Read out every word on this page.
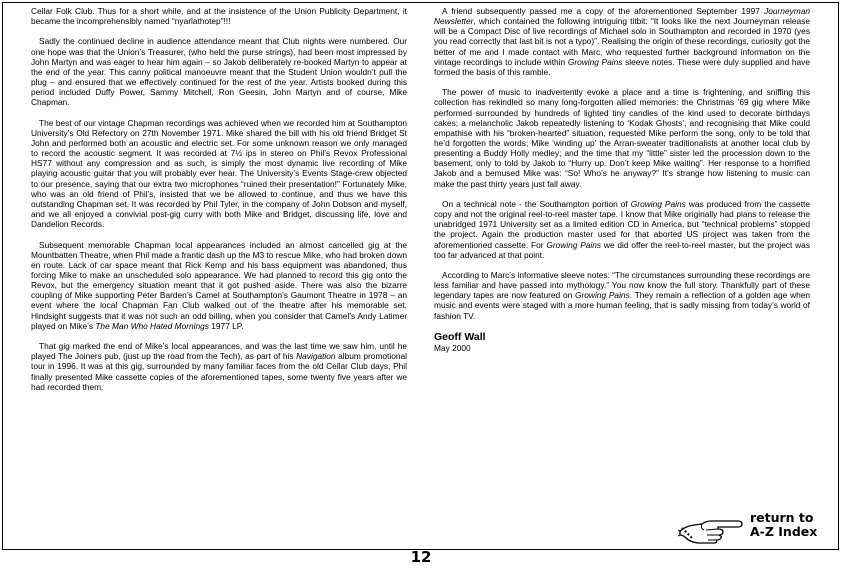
Cellar Folk Club. Thus for a short while, and at the insistence of the Union Publicity Department, it became the incomprehensibly named “nyarlathotep”!!!

Sadly the continued decline in audience attendance meant that Club nights were numbered. Our one hope was that the Union’s Treasurer, (who held the purse strings), had been most impressed by John Martyn and was eager to hear him again – so Jakob deliberately re-booked Martyn to appear at the end of the year. This canny political manoeuvre meant that the Student Union wouldn’t pull the plug – and ensured that we effectively continued for the rest of the year. Artists booked during this period included Duffy Power, Sammy Mitchell, Ron Geesin, John Martyn and of course, Mike Chapman.

The best of our vintage Chapman recordings was achieved when we recorded him at Southampton University’s Old Refectory on 27th November 1971. Mike shared the bill with his old friend Bridget St John and performed both an acoustic and electric set. For some unknown reason we only managed to record the acoustic segment. It was recorded at 7½ ips in stereo on Phil’s Revox Professional HS77 without any compression and as such, is simply the most dynamic live recording of Mike playing acoustic guitar that you will probably ever hear. The University’s Events Stage-crew objected to our presence, saying that our extra two microphones “ruined their presentation!” Fortunately Mike, who was an old friend of Phil’s, insisted that we be allowed to continue, and thus we have this outstanding Chapman set. It was recorded by Phil Tyler, in the company of John Dobson and myself, and we all enjoyed a convivial post-gig curry with both Mike and Bridget, discussing life, love and Dandelion Records.

Subsequent memorable Chapman local appearances included an almost cancelled gig at the Mountbatten Theatre, when Phil made a frantic dash up the M3 to rescue Mike, who had broken down en route. Lack of car space meant that Rick Kemp and his bass equipment was abandoned, thus forcing Mike to make an unscheduled solo appearance. We had planned to record this gig onto the Revox, but the emergency situation meant that it got pushed aside. There was also the bizarre coupling of Mike supporting Peter Barden’s Camel at Southampton’s Gaumont Theatre in 1978 – an event where the local Chapman Fan Club walked out of the theatre after his memorable set. Hindsight suggests that it was not such an odd billing, when you consider that Camel’s Andy Latimer played on Mike’s The Man Who Hated Mornings 1977 LP.

That gig marked the end of Mike’s local appearances, and was the last time we saw him, until he played The Joiners pub, (just up the road from the Tech), as part of his Navigation album promotional tour in 1996. It was at this gig, surrounded by many familiar faces from the old Cellar Club days, Phil finally presented Mike cassette copies of the aforementioned tapes, some twenty five years after we had recorded them.

A friend subsequently passed me a copy of the aforementioned September 1997 Journeyman Newsletter, which contained the following intriguing titbit: “It looks like the next Journeyman release will be a Compact Disc of live recordings of Michael solo in Southampton and recorded in 1970 (yes you read correctly that last bit is not a typo)”. Realising the origin of these recordings, curiosity got the better of me and I made contact with Marc, who requested further background information on the vintage recordings to include within Growing Pains sleeve notes. These were duly supplied and have formed the basis of this ramble.

The power of music to inadvertently evoke a place and a time is frightening, and sniffing this collection has rekindled so many long-forgotten allied memories: the Christmas ’69 gig where Mike performed surrounded by hundreds of lighted tiny candles of the kind used to decorate birthdays cakes; a melancholic Jakob repeatedly listening to ‘Kodak Ghosts’, and recognising that Mike could empathise with his “broken-hearted” situation, requested Mike perform the song, only to be told that he’d forgotten the words; Mike ‘winding up’ the Arran-sweater traditionalists at another local club by presenting a Buddy Holly medley; and the time that my “little” sister led the procession down to the basement, only to told by Jakob to “Hurry up. Don’t keep Mike waiting”. Her response to a horrified Jakob and a bemused Mike was: “So! Who’s he anyway?” It’s strange how listening to music can make the past thirty years just fall away.

On a technical note - the Southampton portion of Growing Pains was produced from the cassette copy and not the original reel-to-reel master tape. I know that Mike originally had plans to release the unabridged 1971 University set as a limited edition CD in America, but “technical problems” stopped the project. Again the production master used for that aborted US project was taken from the aforementioned cassette. For Growing Pains we did offer the reel-to-reel master, but the project was too far advanced at that point.

According to Marc’s informative sleeve notes: “The circumstances surrounding these recordings are less familiar and have passed into mythology.” You now know the full story. Thankfully part of these legendary tapes are now featured on Growing Pains. They remain a reflection of a golden age when music and events were staged with a more human feeling, that is sadly missing from today’s world of fashion TV.

Geoff Wall
May 2000
return to
A-Z Index
12
